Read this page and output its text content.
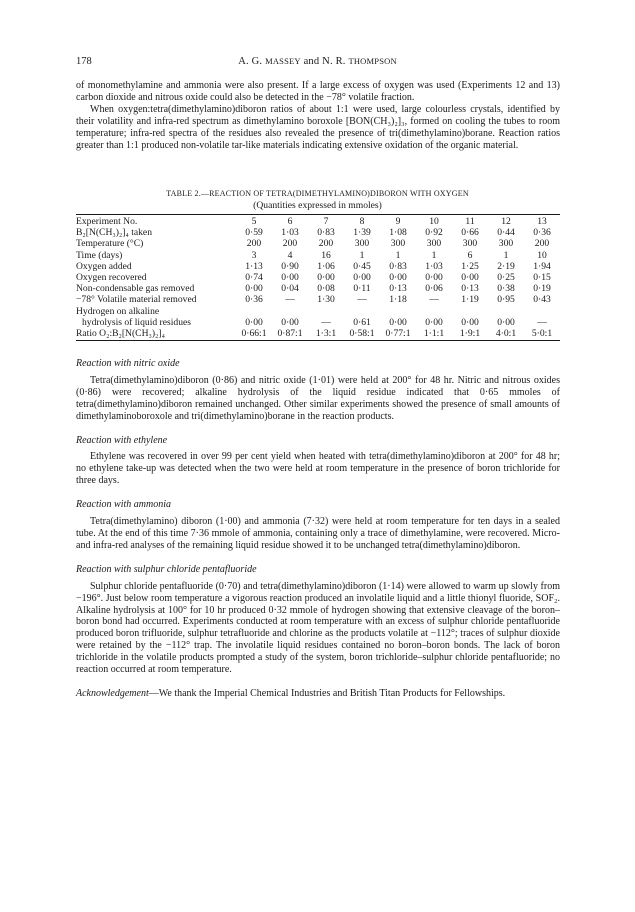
178	A. G. MASSEY and N. R. THOMPSON

of monomethylamine and ammonia were also present. If a large excess of oxygen was used (Experiments 12 and 13) carbon dioxide and nitrous oxide could also be detected in the −78° volatile fraction.

When oxygen:tetra(dimethylamino)diboron ratios of about 1:1 were used, large colourless crystals, identified by their volatility and infra-red spectrum as dimethylamino boroxole [BON(CH₃)₂]₃, formed on cooling the tubes to room temperature; infra-red spectra of the residues also revealed the presence of tri(dimethylamino)borane. Reaction ratios greater than 1:1 produced non-volatile tar-like materials indicating extensive oxidation of the organic material.

TABLE 2.—REACTION OF TETRA(DIMETHYLAMINO)DIBORON WITH OXYGEN
(Quantities expressed in mmoles)
Experiment No.	5	6	7	8	9	10	11	12	13
B₂[N(CH₃)₂]₄ taken	0·59	1·03	0·83	1·39	1·08	0·92	0·66	0·44	0·36
Temperature (°C)	200	200	200	300	300	300	300	300	200
Time (days)	3	4	16	1	1	1	6	1	10
Oxygen added	1·13	0·90	1·06	0·45	0·83	1·03	1·25	2·19	1·94
Oxygen recovered	0·74	0·00	0·00	0·00	0·00	0·00	0·00	0·25	0·15
Non-condensable gas removed	0·00	0·04	0·08	0·11	0·13	0·06	0·13	0·38	0·19
−78° Volatile material removed	0·36	—	1·30	—	1·18	—	1·19	0·95	0·43
Hydrogen on alkaline									
hydrolysis of liquid residues	0·00	0·00	—	0·61	0·00	0·00	0·00	0·00	—
Ratio O₂:B₂[N(CH₃)₂]₄	0·66:1	0·87:1	1·3:1	0·58:1	0·77:1	1·1:1	1·9:1	4·0:1	5·0:1

Reaction with nitric oxide

Tetra(dimethylamino)diboron (0·86) and nitric oxide (1·01) were held at 200° for 48 hr. Nitric and nitrous oxides (0·86) were recovered; alkaline hydrolysis of the liquid residue indicated that 0·65 mmoles of tetra(dimethylamino)diboron remained unchanged. Other similar experiments showed the presence of small amounts of dimethylaminoboroxole and tri(dimethylamino)borane in the reaction products.

Reaction with ethylene

Ethylene was recovered in over 99 per cent yield when heated with tetra(dimethylamino)diboron at 200° for 48 hr; no ethylene take-up was detected when the two were held at room temperature in the presence of boron trichloride for three days.

Reaction with ammonia

Tetra(dimethylamino) diboron (1·00) and ammonia (7·32) were held at room temperature for ten days in a sealed tube. At the end of this time 7·36 mmole of ammonia, containing only a trace of dimethylamine, were recovered. Micro- and infra-red analyses of the remaining liquid residue showed it to be unchanged tetra(dimethylamino)diboron.

Reaction with sulphur chloride pentafluoride

Sulphur chloride pentafluoride (0·70) and tetra(dimethylamino)diboron (1·14) were allowed to warm up slowly from −196°. Just below room temperature a vigorous reaction produced an involatile liquid and a little thionyl fluoride, SOF₂. Alkaline hydrolysis at 100° for 10 hr produced 0·32 mmole of hydrogen showing that extensive cleavage of the boron–boron bond had occurred. Experiments conducted at room temperature with an excess of sulphur chloride pentafluoride produced boron trifluoride, sulphur tetrafluoride and chlorine as the products volatile at −112°; traces of sulphur dioxide were retained by the −112° trap. The involatile liquid residues contained no boron–boron bonds. The lack of boron trichloride in the volatile products prompted a study of the system, boron trichloride–sulphur chloride pentafluoride; no reaction occurred at room temperature.

Acknowledgement—We thank the Imperial Chemical Industries and British Titan Products for Fellowships.
